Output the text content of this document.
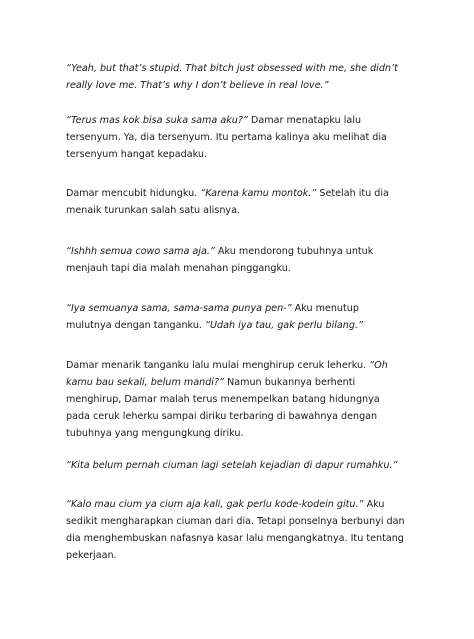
“Yeah, but that’s stupid. That bitch just obsessed with me, she didn’t
really love me. That’s why I don’t believe in real love.”

“Terus mas kok bisa suka sama aku?” Damar menatapku lalu
tersenyum. Ya, dia tersenyum. Itu pertama kalinya aku melihat dia
tersenyum hangat kepadaku.

Damar mencubit hidungku. “Karena kamu montok.” Setelah itu dia
menaik turunkan salah satu alisnya.

“Ishhh semua cowo sama aja.” Aku mendorong tubuhnya untuk
menjauh tapi dia malah menahan pinggangku.

“Iya semuanya sama, sama-sama punya pen-” Aku menutup
mulutnya dengan tanganku. “Udah iya tau, gak perlu bilang.”

Damar menarik tanganku lalu mulai menghirup ceruk leherku. “Oh
kamu bau sekali, belum mandi?” Namun bukannya berhenti
menghirup, Damar malah terus menempelkan batang hidungnya
pada ceruk leherku sampai diriku terbaring di bawahnya dengan
tubuhnya yang mengungkung diriku.

“Kita belum pernah ciuman lagi setelah kejadian di dapur rumahku.”

“Kalo mau cium ya cium aja kali, gak perlu kode-kodein gitu.” Aku
sedikit mengharapkan ciuman dari dia. Tetapi ponselnya berbunyi dan
dia menghembuskan nafasnya kasar lalu mengangkatnya. Itu tentang
pekerjaan.
